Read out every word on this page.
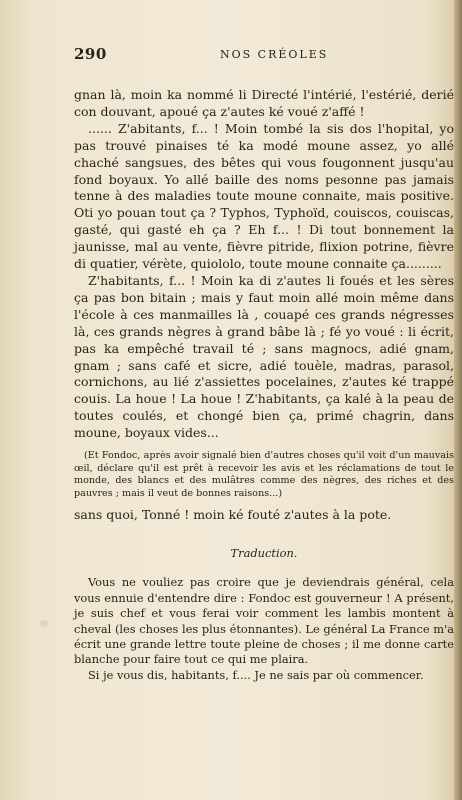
290	NOS CRÉOLES

gnan là, moin ka nommé li Directé l'intérié, l'estérié, derié con douvant, apoué ça z'autes ké voué z'affé !

...... Z'abitants, f... ! Moin tombé la sis dos l'hopital, yo pas trouvé pinaises té ka modé moune assez, yo allé chaché sangsues, des bêtes qui vous fougonnent jusqu'au fond boyaux. Yo allé baille des noms pesonne pas jamais tenne à des maladies toute moune connaite, mais positive. Oti yo pouan tout ça ? Typhos, Typhoïd, couiscos, couiscas, gasté, qui gasté eh ça ? Eh f... ! Di tout bonnement la jaunisse, mal au vente, fièvre pitride, flixion potrine, fièvre di quatier, vérète, quiololo, toute moune connaite ça.........

Z'habitants, f... ! Moin ka di z'autes li foués et les sères ça pas bon bitain ; mais y faut moin allé moin même dans l'école à ces manmailles là , couapé ces grands négresses là, ces grands nègres à grand bâbe là ; fé yo voué : li écrit, pas ka empêché travail té ; sans magnocs, adié gnam, gnam ; sans café et sicre, adié touèle, madras, parasol, cornichons, au lié z'assiettes pocelaines, z'autes ké trappé couis. La houe ! La houe ! Z'habitants, ça kalé à la peau de toutes coulés, et chongé bien ça, primé chagrin, dans moune, boyaux vides...

(Et Fondoc, après avoir signalé bien d'autres choses qu'il voit d'un mauvais œil, déclare qu'il est prêt à recevoir les avis et les réclamations de tout le monde, des blancs et des mulâtres comme des nègres, des riches et des pauvres ; mais il veut de bonnes raisons...)

sans quoi, Tonné ! moin ké fouté z'autes à la pote.

Traduction.

Vous ne vouliez pas croire que je deviendrais général, cela vous ennuie d'entendre dire : Fondoc est gouverneur ! A présent, je suis chef et vous ferai voir comment les lambis montent à cheval (les choses les plus étonnantes). Le général La France m'a écrit une grande lettre toute pleine de choses ; il me donne carte blanche pour faire tout ce qui me plaira.

Si je vous dis, habitants, f.... Je ne sais par où commencer.
